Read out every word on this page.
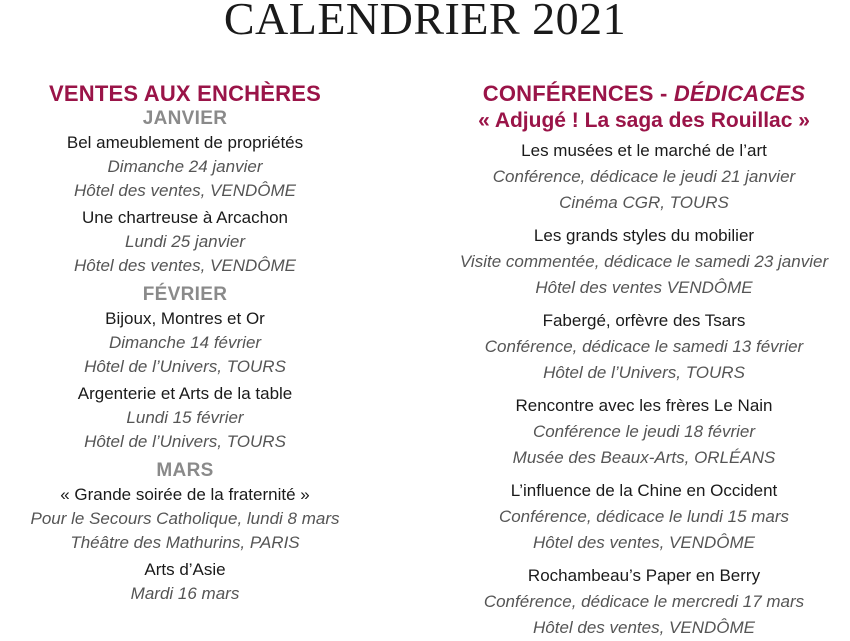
CALENDRIER 2021
VENTES AUX ENCHÈRES
JANVIER
Bel ameublement de propriétés
Dimanche 24 janvier
Hôtel des ventes, VENDÔME
Une chartreuse à Arcachon
Lundi 25 janvier
Hôtel des ventes, VENDÔME
FÉVRIER
Bijoux, Montres et Or
Dimanche 14 février
Hôtel de l’Univers, TOURS
Argenterie et Arts de la table
Lundi 15 février
Hôtel de l’Univers, TOURS
MARS
« Grande soirée de la fraternité »
Pour le Secours Catholique, lundi 8 mars
Théâtre des Mathurins, PARIS
Arts d’Asie
Mardi 16 mars
CONFÉRENCES - DÉDICACES
« Adjugé ! La saga des Rouillac »
Les musées et le marché de l’art
Conférence, dédicace le jeudi 21 janvier
Cinéma CGR, TOURS
Les grands styles du mobilier
Visite commentée, dédicace le samedi 23 janvier
Hôtel des ventes VENDÔME
Fabergé, orfèvre des Tsars
Conférence, dédicace le samedi 13 février
Hôtel de l’Univers, TOURS
Rencontre avec les frères Le Nain
Conférence le jeudi 18 février
Musée des Beaux-Arts, ORLÉANS
L’influence de la Chine en Occident
Conférence, dédicace le lundi 15 mars
Hôtel des ventes, VENDÔME
Rochambeau’s Paper en Berry
Conférence, dédicace le mercredi 17 mars
Hôtel des ventes, VENDÔME
